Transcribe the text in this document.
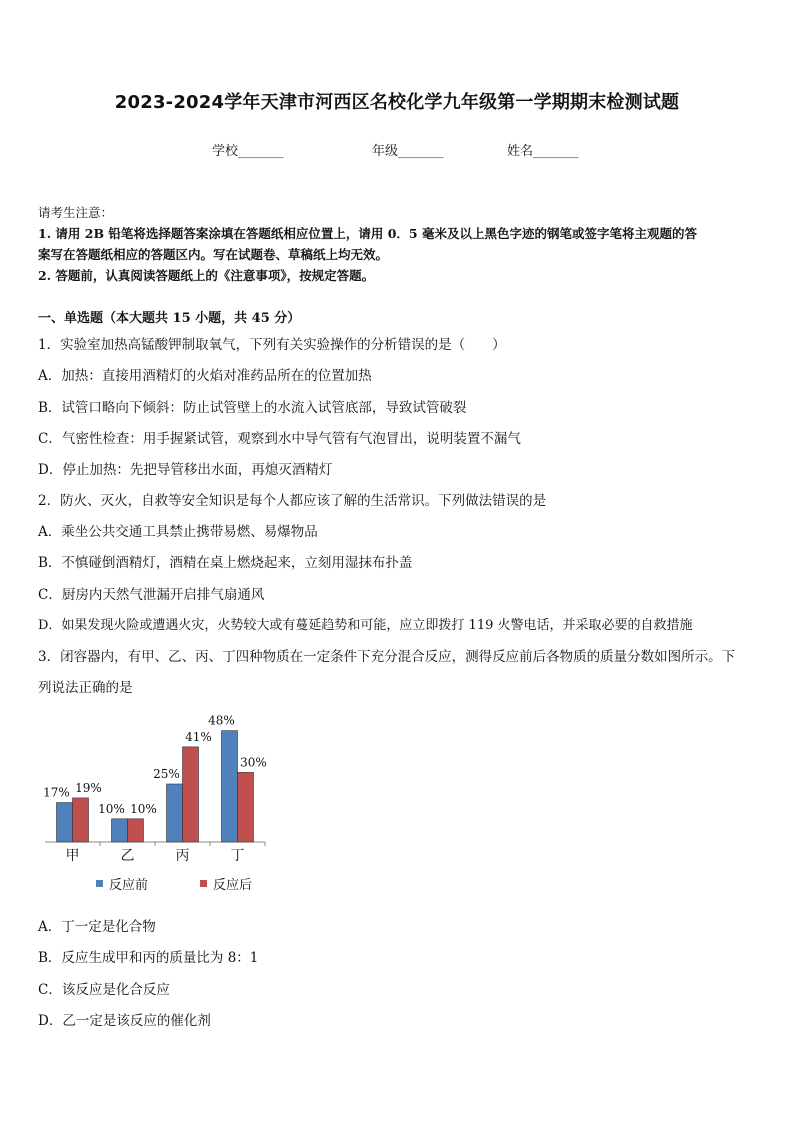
2023-2024学年天津市河西区名校化学九年级第一学期期末检测试题
学校_______	年级_______	姓名_______
请考生注意：
1. 请用 2B 铅笔将选择题答案涂填在答题纸相应位置上，请用 0．5 毫米及以上黑色字迹的钢笔或签字笔将主观题的答
案写在答题纸相应的答题区内。写在试题卷、草稿纸上均无效。
2. 答题前，认真阅读答题纸上的《注意事项》，按规定答题。
一、单选题（本大题共 15 小题，共 45 分）
1．实验室加热高锰酸钾制取氧气，下列有关实验操作的分析错误的是（　　）
A．加热：直接用酒精灯的火焰对准药品所在的位置加热
B．试管口略向下倾斜：防止试管壁上的水流入试管底部，导致试管破裂
C．气密性检查：用手握紧试管，观察到水中导气管有气泡冒出，说明装置不漏气
D．停止加热：先把导管移出水面，再熄灭酒精灯
2．防火、灭火，自救等安全知识是每个人都应该了解的生活常识。下列做法错误的是
A．乘坐公共交通工具禁止携带易燃、易爆物品
B．不慎碰倒酒精灯，酒精在桌上燃烧起来，立刻用湿抹布扑盖
C．厨房内天然气泄漏开启排气扇通风
D．如果发现火险或遭遇火灾，火势较大或有蔓延趋势和可能，应立即拨打 119 火警电话，并采取必要的自救措施
3．闭容器内，有甲、乙、丙、丁四种物质在一定条件下充分混合反应，测得反应前后各物质的质量分数如图所示。下
列说法正确的是
17% 19%
甲
10% 10%
乙
25%
41%
丙
48%
30%
丁
反应前	反应后
A．丁一定是化合物
B．反应生成甲和丙的质量比为 8：1
C．该反应是化合反应
D．乙一定是该反应的催化剂
